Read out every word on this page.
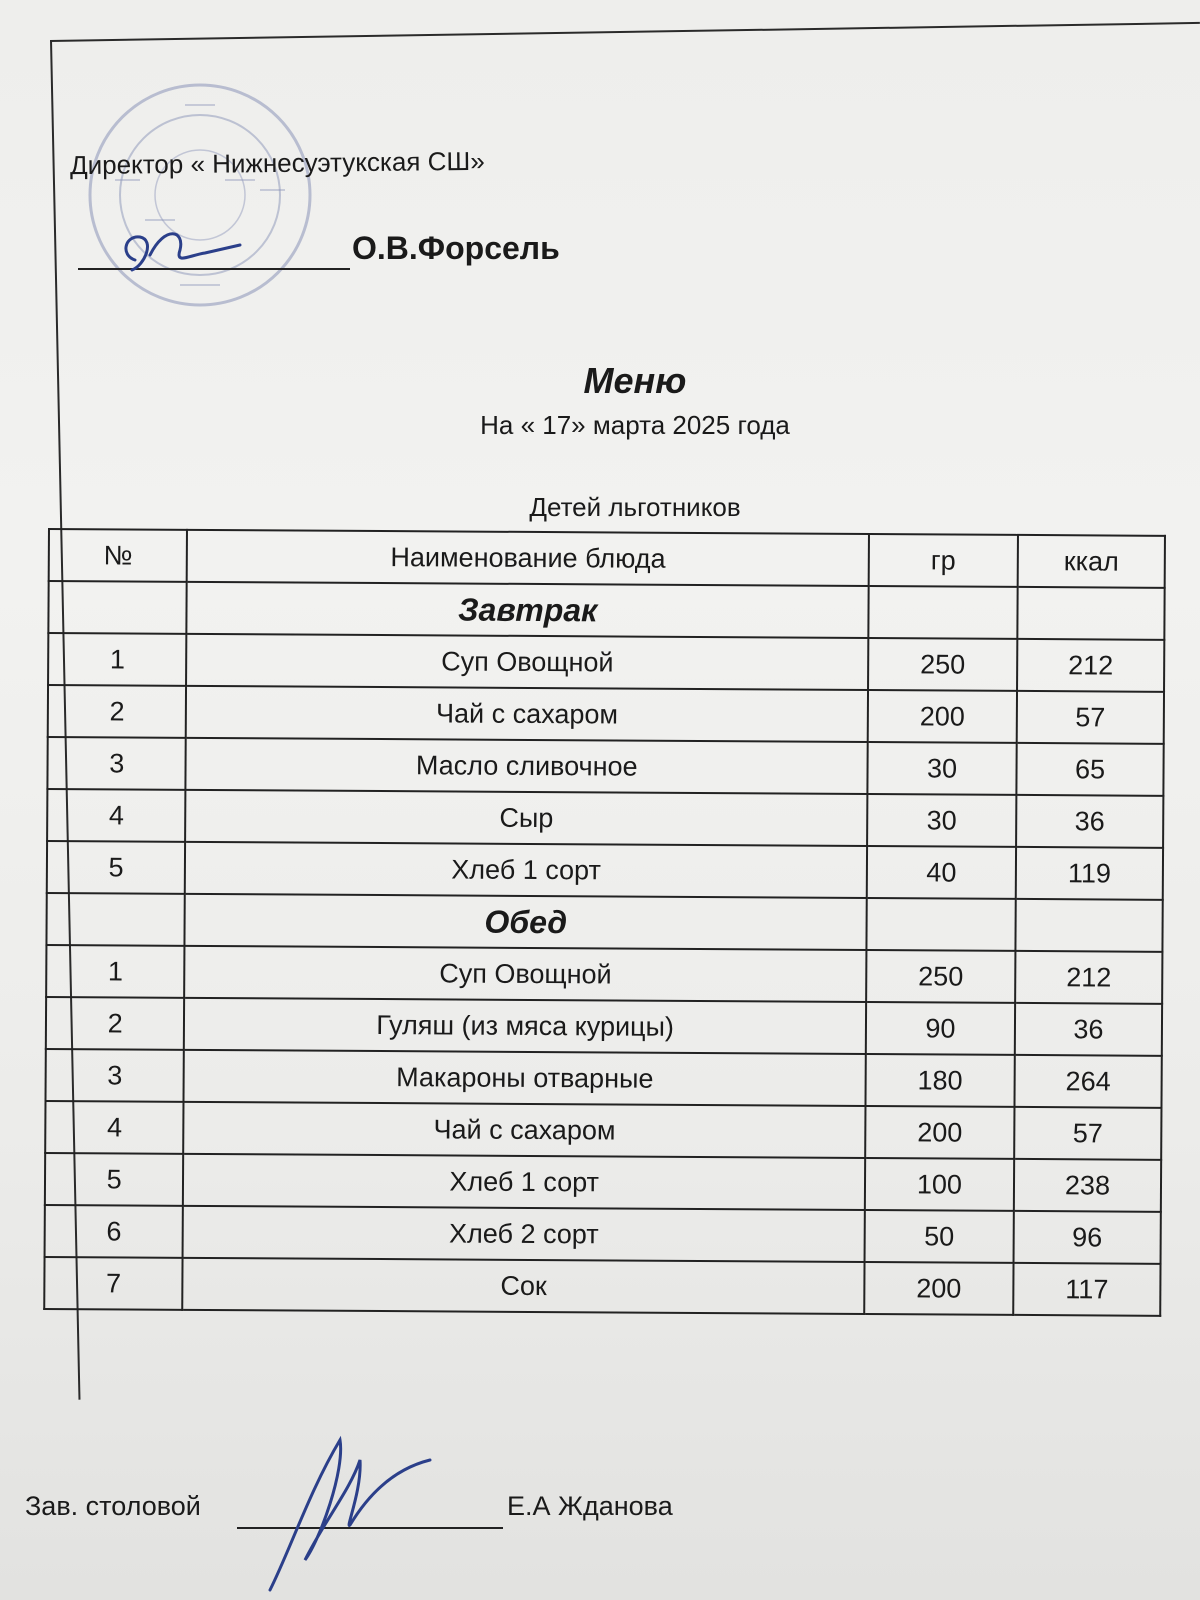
Директор « Нижнесуэтукская СШ»
О.В.Форсель
Меню
На « 17» марта 2025 года
Детей льготников
№	Наименование блюда	гр	ккал
	Завтрак		
1	Суп Овощной	250	212
2	Чай с сахаром	200	57
3	Масло сливочное	30	65
4	Сыр	30	36
5	Хлеб 1 сорт	40	119
	Обед		
1	Суп Овощной	250	212
2	Гуляш (из мяса курицы)	90	36
3	Макароны отварные	180	264
4	Чай с сахаром	200	57
5	Хлеб 1 сорт	100	238
6	Хлеб 2 сорт	50	96
7	Сок	200	117
Зав. столовой	Е.А Жданова
